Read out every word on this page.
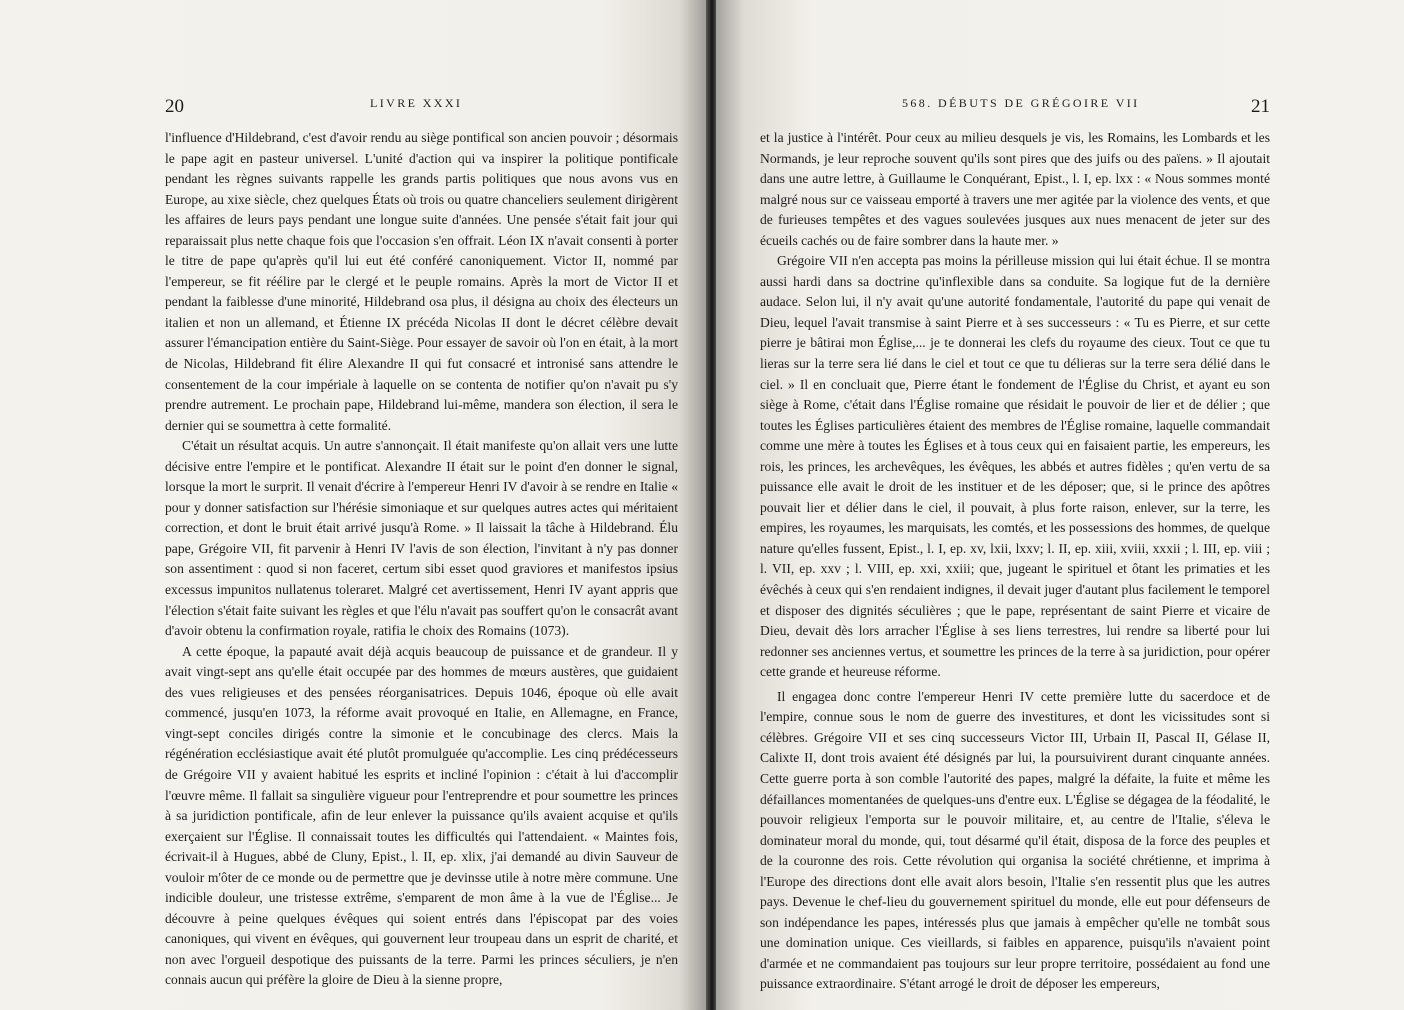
20	LIVRE XXXI

l'influence d'Hildebrand, c'est d'avoir rendu au siège pontifical son ancien pouvoir ; désormais le pape agit en pasteur universel. L'unité d'action qui va inspirer la politique pontificale pendant les règnes suivants rappelle les grands partis politiques que nous avons vus en Europe, au xixe siècle, chez quelques États où trois ou quatre chanceliers seulement dirigèrent les affaires de leurs pays pendant une longue suite d'années. Une pensée s'était fait jour qui reparaissait plus nette chaque fois que l'occasion s'en offrait. Léon IX n'avait consenti à porter le titre de pape qu'après qu'il lui eut été conféré canoniquement. Victor II, nommé par l'empereur, se fit réélire par le clergé et le peuple romains. Après la mort de Victor II et pendant la faiblesse d'une minorité, Hildebrand osa plus, il désigna au choix des électeurs un italien et non un allemand, et Étienne IX précéda Nicolas II dont le décret célèbre devait assurer l'émancipation entière du Saint-Siège. Pour essayer de savoir où l'on en était, à la mort de Nicolas, Hildebrand fit élire Alexandre II qui fut consacré et intronisé sans attendre le consentement de la cour impériale à laquelle on se contenta de notifier qu'on n'avait pu s'y prendre autrement. Le prochain pape, Hildebrand lui-même, mandera son élection, il sera le dernier qui se soumettra à cette formalité.

C'était un résultat acquis. Un autre s'annonçait. Il était manifeste qu'on allait vers une lutte décisive entre l'empire et le pontificat. Alexandre II était sur le point d'en donner le signal, lorsque la mort le surprit. Il venait d'écrire à l'empereur Henri IV d'avoir à se rendre en Italie « pour y donner satisfaction sur l'hérésie simoniaque et sur quelques autres actes qui méritaient correction, et dont le bruit était arrivé jusqu'à Rome. » Il laissait la tâche à Hildebrand. Élu pape, Grégoire VII, fit parvenir à Henri IV l'avis de son élection, l'invitant à n'y pas donner son assentiment : quod si non faceret, certum sibi esset quod graviores et manifestos ipsius excessus impunitos nullatenus toleraret. Malgré cet avertissement, Henri IV ayant appris que l'élection s'était faite suivant les règles et que l'élu n'avait pas souffert qu'on le consacrât avant d'avoir obtenu la confirmation royale, ratifia le choix des Romains (1073).

A cette époque, la papauté avait déjà acquis beaucoup de puissance et de grandeur. Il y avait vingt-sept ans qu'elle était occupée par des hommes de mœurs austères, que guidaient des vues religieuses et des pensées réorganisatrices. Depuis 1046, époque où elle avait commencé, jusqu'en 1073, la réforme avait provoqué en Italie, en Allemagne, en France, vingt-sept conciles dirigés contre la simonie et le concubinage des clercs. Mais la régénération ecclésiastique avait été plutôt promulguée qu'accomplie. Les cinq prédécesseurs de Grégoire VII y avaient habitué les esprits et incliné l'opinion : c'était à lui d'accomplir l'œuvre même. Il fallait sa singulière vigueur pour l'entreprendre et pour soumettre les princes à sa juridiction pontificale, afin de leur enlever la puissance qu'ils avaient acquise et qu'ils exerçaient sur l'Église. Il connaissait toutes les difficultés qui l'attendaient. « Maintes fois, écrivait-il à Hugues, abbé de Cluny, Epist., l. II, ep. xlix, j'ai demandé au divin Sauveur de vouloir m'ôter de ce monde ou de permettre que je devinsse utile à notre mère commune. Une indicible douleur, une tristesse extrême, s'emparent de mon âme à la vue de l'Église... Je découvre à peine quelques évêques qui soient entrés dans l'épiscopat par des voies canoniques, qui vivent en évêques, qui gouvernent leur troupeau dans un esprit de charité, et non avec l'orgueil despotique des puissants de la terre. Parmi les princes séculiers, je n'en connais aucun qui préfère la gloire de Dieu à la sienne propre,

568. DÉBUTS DE GRÉGOIRE VII	21

et la justice à l'intérêt. Pour ceux au milieu desquels je vis, les Romains, les Lombards et les Normands, je leur reproche souvent qu'ils sont pires que des juifs ou des païens. » Il ajoutait dans une autre lettre, à Guillaume le Conquérant, Epist., l. I, ep. lxx : « Nous sommes monté malgré nous sur ce vaisseau emporté à travers une mer agitée par la violence des vents, et que de furieuses tempêtes et des vagues soulevées jusques aux nues menacent de jeter sur des écueils cachés ou de faire sombrer dans la haute mer. »

Grégoire VII n'en accepta pas moins la périlleuse mission qui lui était échue. Il se montra aussi hardi dans sa doctrine qu'inflexible dans sa conduite. Sa logique fut de la dernière audace. Selon lui, il n'y avait qu'une autorité fondamentale, l'autorité du pape qui venait de Dieu, lequel l'avait transmise à saint Pierre et à ses successeurs : « Tu es Pierre, et sur cette pierre je bâtirai mon Église,... je te donnerai les clefs du royaume des cieux. Tout ce que tu lieras sur la terre sera lié dans le ciel et tout ce que tu délieras sur la terre sera délié dans le ciel. » Il en concluait que, Pierre étant le fondement de l'Église du Christ, et ayant eu son siège à Rome, c'était dans l'Église romaine que résidait le pouvoir de lier et de délier ; que toutes les Églises particulières étaient des membres de l'Église romaine, laquelle commandait comme une mère à toutes les Églises et à tous ceux qui en faisaient partie, les empereurs, les rois, les princes, les archevêques, les évêques, les abbés et autres fidèles ; qu'en vertu de sa puissance elle avait le droit de les instituer et de les déposer; que, si le prince des apôtres pouvait lier et délier dans le ciel, il pouvait, à plus forte raison, enlever, sur la terre, les empires, les royaumes, les marquisats, les comtés, et les possessions des hommes, de quelque nature qu'elles fussent, Epist., l. I, ep. xv, lxii, lxxv; l. II, ep. xiii, xviii, xxxii ; l. III, ep. viii ; l. VII, ep. xxv ; l. VIII, ep. xxi, xxiii; que, jugeant le spirituel et ôtant les primaties et les évêchés à ceux qui s'en rendaient indignes, il devait juger d'autant plus facilement le temporel et disposer des dignités séculières ; que le pape, représentant de saint Pierre et vicaire de Dieu, devait dès lors arracher l'Église à ses liens terrestres, lui rendre sa liberté pour lui redonner ses anciennes vertus, et soumettre les princes de la terre à sa juridiction, pour opérer cette grande et heureuse réforme.

Il engagea donc contre l'empereur Henri IV cette première lutte du sacerdoce et de l'empire, connue sous le nom de guerre des investitures, et dont les vicissitudes sont si célèbres. Grégoire VII et ses cinq successeurs Victor III, Urbain II, Pascal II, Gélase II, Calixte II, dont trois avaient été désignés par lui, la poursuivirent durant cinquante années. Cette guerre porta à son comble l'autorité des papes, malgré la défaite, la fuite et même les défaillances momentanées de quelques-uns d'entre eux. L'Église se dégagea de la féodalité, le pouvoir religieux l'emporta sur le pouvoir militaire, et, au centre de l'Italie, s'éleva le dominateur moral du monde, qui, tout désarmé qu'il était, disposa de la force des peuples et de la couronne des rois. Cette révolution qui organisa la société chrétienne, et imprima à l'Europe des directions dont elle avait alors besoin, l'Italie s'en ressentit plus que les autres pays. Devenue le chef-lieu du gouvernement spirituel du monde, elle eut pour défenseurs de son indépendance les papes, intéressés plus que jamais à empêcher qu'elle ne tombât sous une domination unique. Ces vieillards, si faibles en apparence, puisqu'ils n'avaient point d'armée et ne commandaient pas toujours sur leur propre territoire, possédaient au fond une puissance extraordinaire. S'étant arrogé le droit de déposer les empereurs,
